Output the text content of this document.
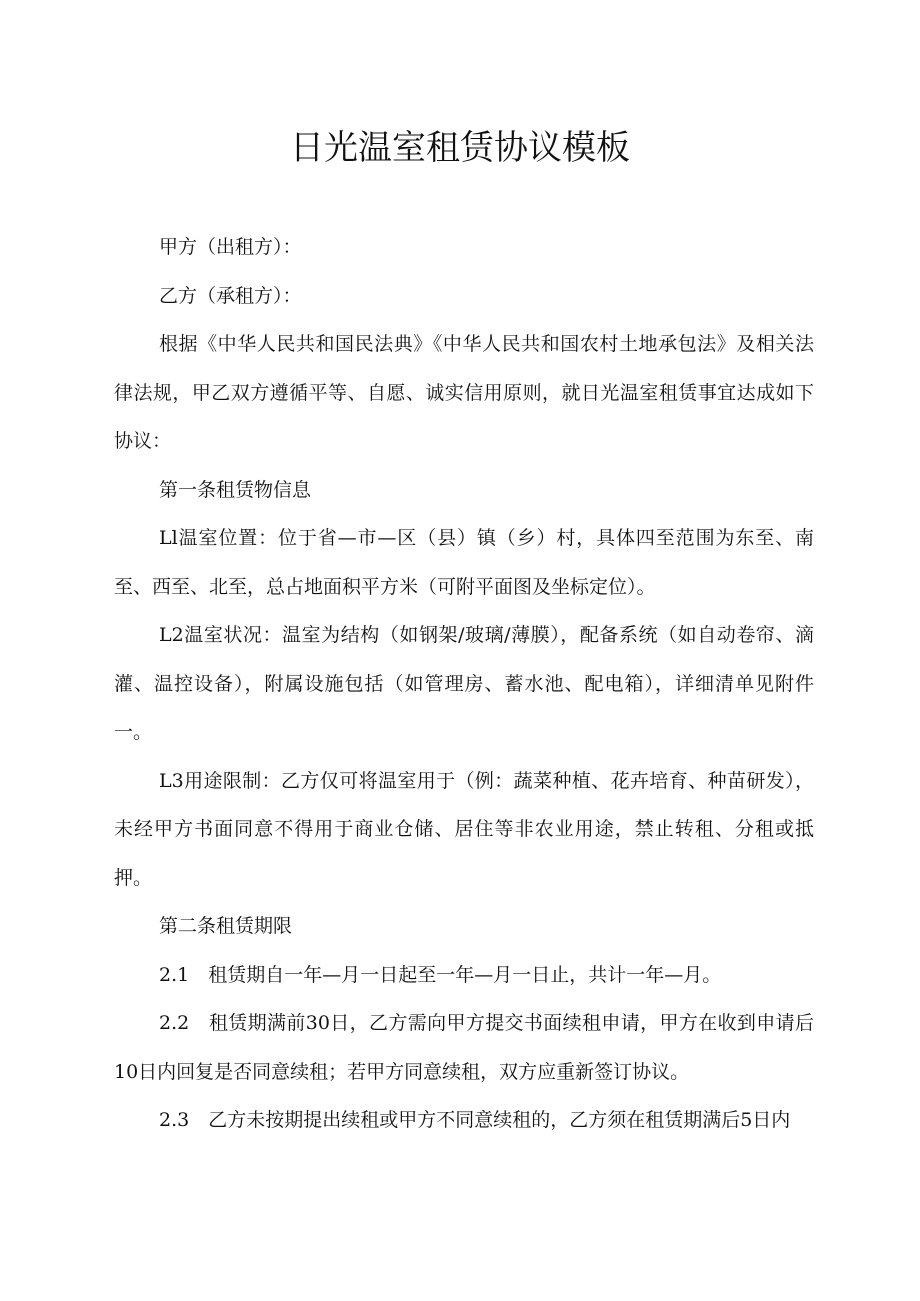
日光温室租赁协议模板

甲方（出租方）：

乙方（承租方）：

根据《中华人民共和国民法典》《中华人民共和国农村土地承包法》及相关法律法规，甲乙双方遵循平等、自愿、诚实信用原则，就日光温室租赁事宜达成如下协议：

第一条租赁物信息

Ll温室位置：位于省—市—区（县）镇（乡）村，具体四至范围为东至、南至、西至、北至，总占地面积平方米（可附平面图及坐标定位）。

L2温室状况：温室为结构（如钢架/玻璃/薄膜），配备系统（如自动卷帘、滴灌、温控设备），附属设施包括（如管理房、蓄水池、配电箱），详细清单见附件一。

L3用途限制：乙方仅可将温室用于（例：蔬菜种植、花卉培育、种苗研发），未经甲方书面同意不得用于商业仓储、居住等非农业用途，禁止转租、分租或抵押。

第二条租赁期限

2.1　租赁期自一年—月一日起至一年—月一日止，共计一年—月。

2.2　租赁期满前30日，乙方需向甲方提交书面续租申请，甲方在收到申请后10日内回复是否同意续租；若甲方同意续租，双方应重新签订协议。

2.3　乙方未按期提出续租或甲方不同意续租的，乙方须在租赁期满后5日内
